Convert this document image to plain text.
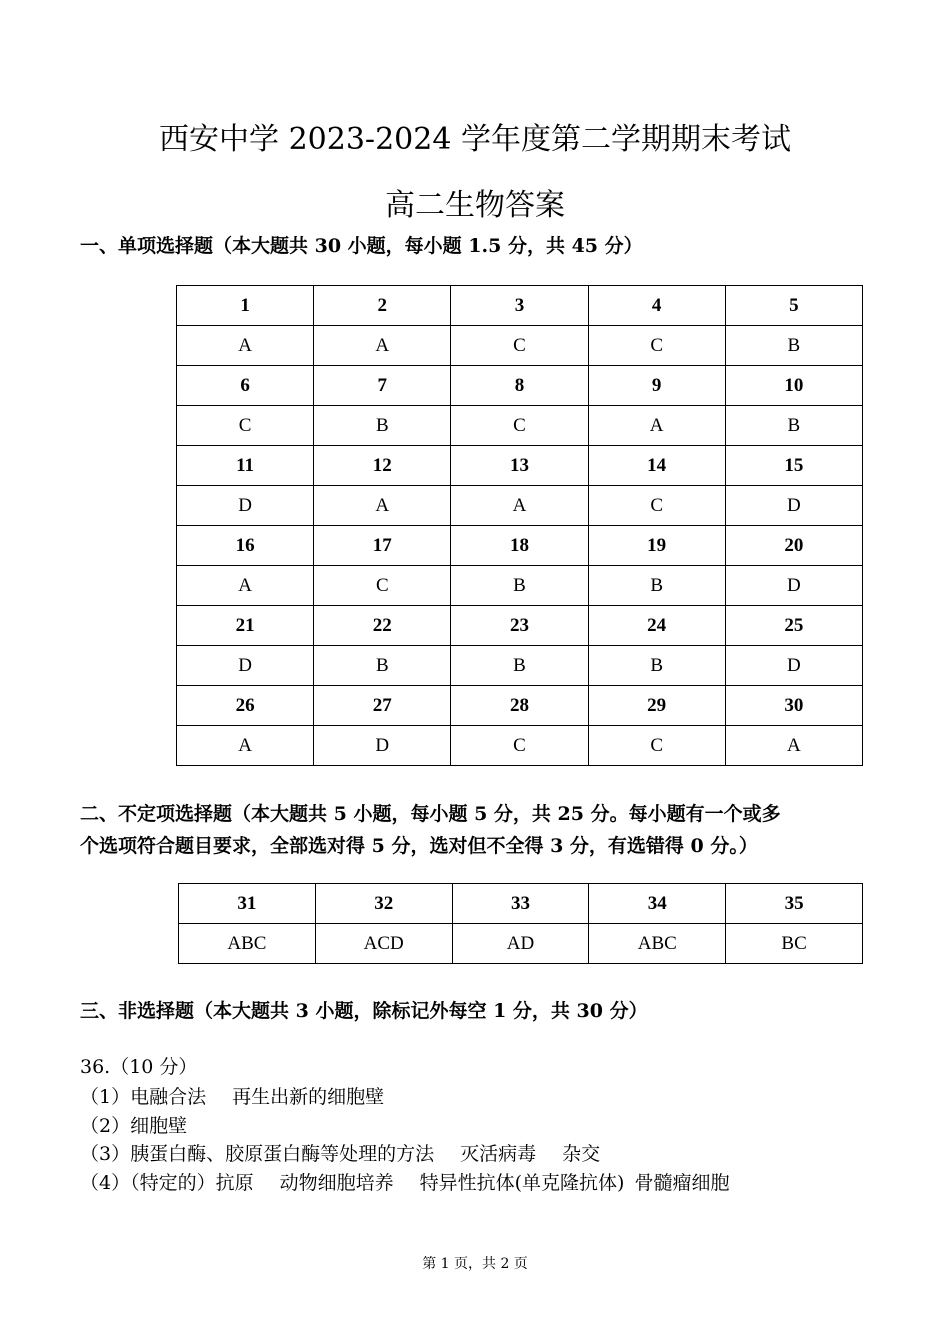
西安中学 2023-2024 学年度第二学期期末考试
高二生物答案
一、单项选择题（本大题共 30 小题，每小题 1.5 分，共 45 分）
1	2	3	4	5
A	A	C	C	B
6	7	8	9	10
C	B	C	A	B
11	12	13	14	15
D	A	A	C	D
16	17	18	19	20
A	C	B	B	D
21	22	23	24	25
D	B	B	B	D
26	27	28	29	30
A	D	C	C	A
二、不定项选择题（本大题共 5 小题，每小题 5 分，共 25 分。每小题有一个或多
个选项符合题目要求，全部选对得 5 分，选对但不全得 3 分，有选错得 0 分。）
31	32	33	34	35
ABC	ACD	AD	ABC	BC
三、非选择题（本大题共 3 小题，除标记外每空 1 分，共 30 分）
36.（10 分）
（1）电融合法 再生出新的细胞壁
（2）细胞壁
（3）胰蛋白酶、胶原蛋白酶等处理的方法 灭活病毒 杂交
（4）（特定的）抗原 动物细胞培养 特异性抗体(单克隆抗体) 骨髓瘤细胞
第 1 页，共 2 页
